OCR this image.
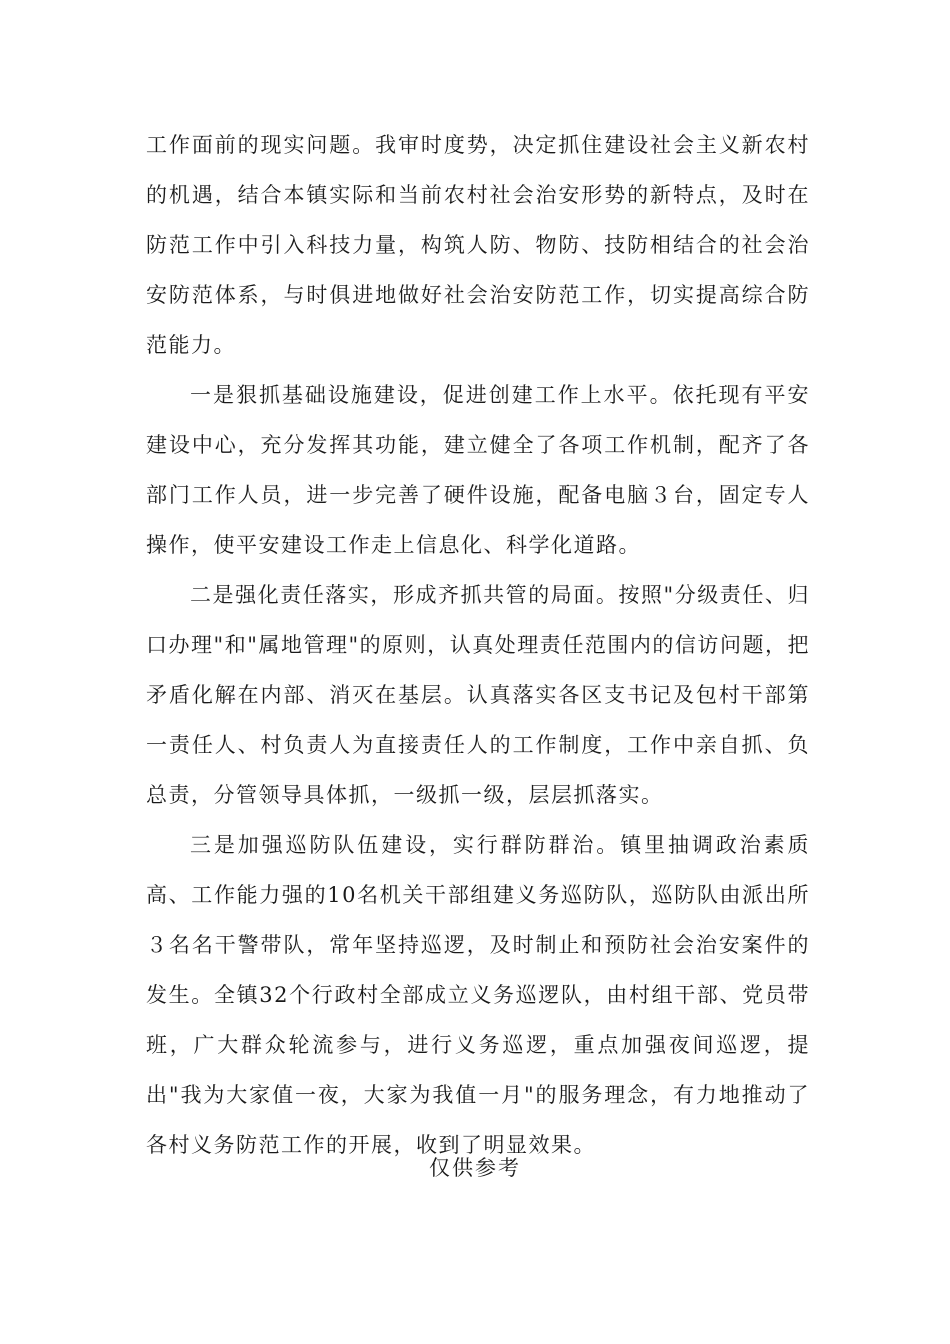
工作面前的现实问题。我审时度势，决定抓住建设社会主义新农村的机遇，结合本镇实际和当前农村社会治安形势的新特点，及时在防范工作中引入科技力量，构筑人防、物防、技防相结合的社会治安防范体系，与时俱进地做好社会治安防范工作，切实提高综合防范能力。

一是狠抓基础设施建设，促进创建工作上水平。依托现有平安建设中心，充分发挥其功能，建立健全了各项工作机制，配齐了各部门工作人员，进一步完善了硬件设施，配备电脑３台，固定专人操作，使平安建设工作走上信息化、科学化道路。

二是强化责任落实，形成齐抓共管的局面。按照"分级责任、归口办理"和"属地管理"的原则，认真处理责任范围内的信访问题，把矛盾化解在内部、消灭在基层。认真落实各区支书记及包村干部第一责任人、村负责人为直接责任人的工作制度，工作中亲自抓、负总责，分管领导具体抓，一级抓一级，层层抓落实。

三是加强巡防队伍建设，实行群防群治。镇里抽调政治素质高、工作能力强的10名机关干部组建义务巡防队，巡防队由派出所３名名干警带队，常年坚持巡逻，及时制止和预防社会治安案件的发生。全镇32个行政村全部成立义务巡逻队，由村组干部、党员带班，广大群众轮流参与，进行义务巡逻，重点加强夜间巡逻，提出"我为大家值一夜，大家为我值一月"的服务理念，有力地推动了各村义务防范工作的开展，收到了明显效果。

仅供参考
